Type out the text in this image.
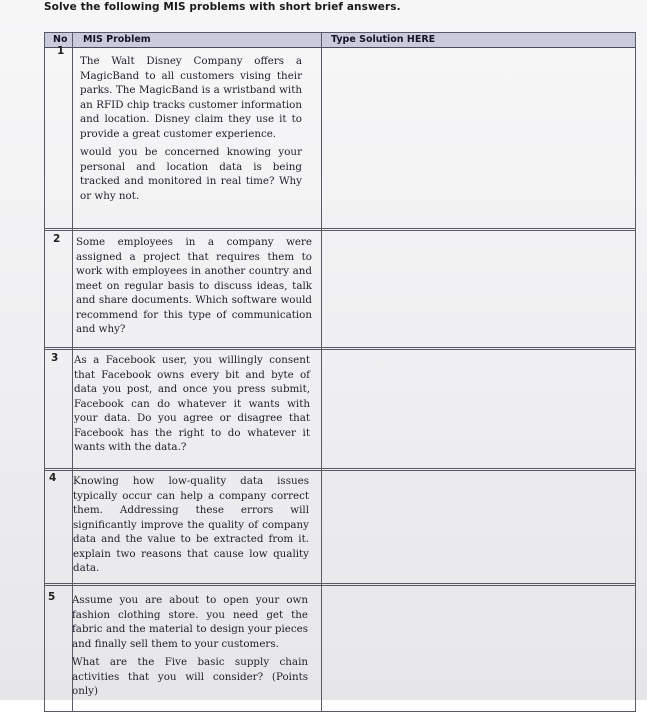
Solve the following MIS problems with short brief answers.
No MIS Problem	Type Solution HERE
1

The Walt Disney Company offers a MagicBand to all customers vising their parks. The MagicBand is a wristband with an RFID chip tracks customer information and location. Disney claim they use it to provide a great customer experience.

would you be concerned knowing your personal and location data is being tracked and monitored in real time? Why or why not.

2 Some employees in a company were assigned a project that requires them to work with employees in another country and meet on regular basis to discuss ideas, talk and share documents. Which software would recommend for this type of communication and why?

3 As a Facebook user, you willingly consent that Facebook owns every bit and byte of data you post, and once you press submit, Facebook can do whatever it wants with your data. Do you agree or disagree that Facebook has the right to do whatever it wants with the data.?

4 Knowing how low-quality data issues typically occur can help a company correct them. Addressing these errors will significantly improve the quality of company data and the value to be extracted from it. explain two reasons that cause low quality data.

5 Assume you are about to open your own fashion clothing store. you need get the fabric and the material to design your pieces and finally sell them to your customers.

What are the Five basic supply chain activities that you will consider? (Points only)
